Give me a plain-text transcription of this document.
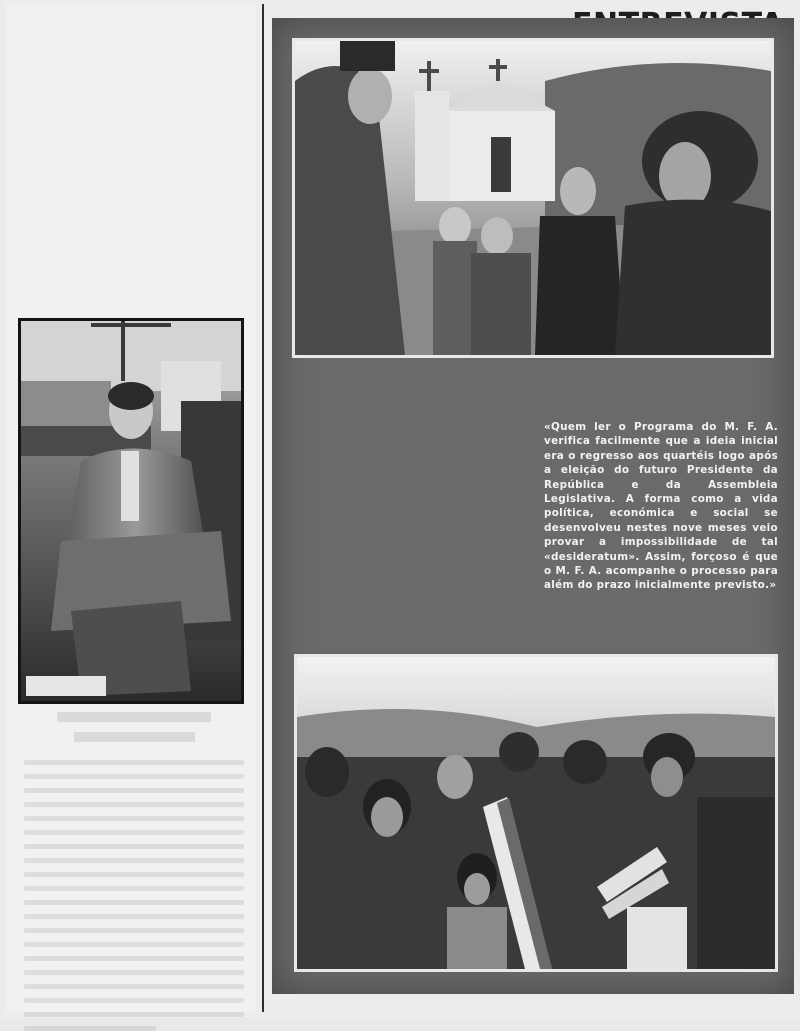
«Quem ler o Programa do M. F. A. verifica facilmente que a ideia inicial era o regresso aos quartéis logo após a eleição do futuro Presidente da República e da Assembleia Legislativa. A forma como a vida política, económica e social se desenvolveu nestes nove meses veio provar a impossibilidade de tal «desideratum». Assim, forçoso é que o M. F. A. acompanhe o processo para além do prazo inicialmente previsto.»
